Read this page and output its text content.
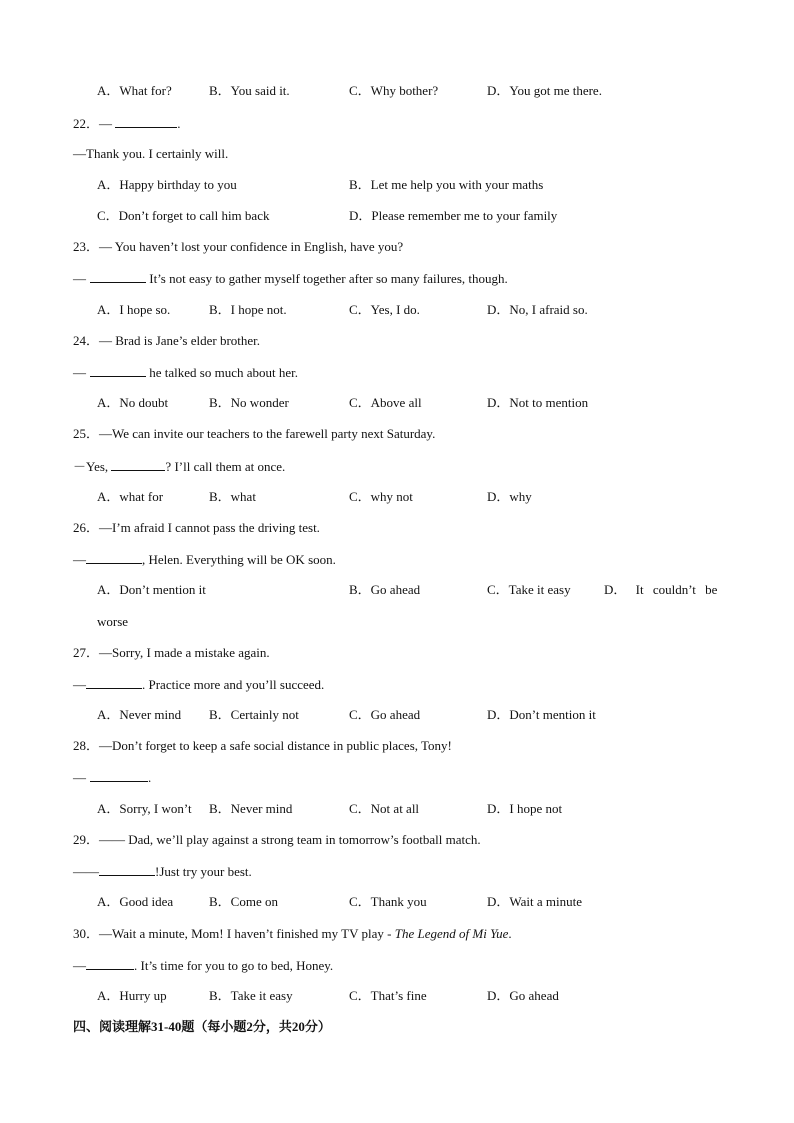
A．What for?	B．You said it.	C．Why bother?	D．You got me there.
22．—	.
—Thank you. I certainly will.
A．Happy birthday to you	B．Let me help you with your maths
C．Don’t forget to call him back	D．Please remember me to your family
23．— You haven’t lost your confidence in English, have you?
—	It’s not easy to gather myself together after so many failures, though.
A．I hope so.	B．I hope not.	C．Yes, I do.	D．No, I afraid so.
24．— Brad is Jane’s elder brother.
—	he talked so much about her.
A．No doubt	B．No wonder	C．Above all	D．Not to mention
25．—We can invite our teachers to the farewell party next Saturday.
－Yes,	? I’ll call them at once.
A．what for	B．what	C．why not	D．why
26．—I’m afraid I cannot pass the driving test.
—	, Helen. Everything will be OK soon.
A．Don’t mention it	B．Go ahead	C．Take it easy	D． It couldn’t be
worse
27．—Sorry, I made a mistake again.
—	. Practice more and you’ll succeed.
A．Never mind B．Certainly not	C．Go ahead	D．Don’t mention it
28．—Don’t forget to keep a safe social distance in public places, Tony!
—	.
A．Sorry, I won’t B．Never mind	C．Not at all	D．I hope not
29．—— Dad, we’ll play against a strong team in tomorrow’s football match.
——	!Just try your best.
A．Good idea	B．Come on	C．Thank you	D．Wait a minute
30．—Wait a minute, Mom! I haven’t finished my TV play - The Legend of Mi Yue.
—	. It’s time for you to go to bed, Honey.
A．Hurry up	B．Take it easy	C．That’s fine	D．Go ahead
四、阅读理解31-40题（每小题2分，共20分）
